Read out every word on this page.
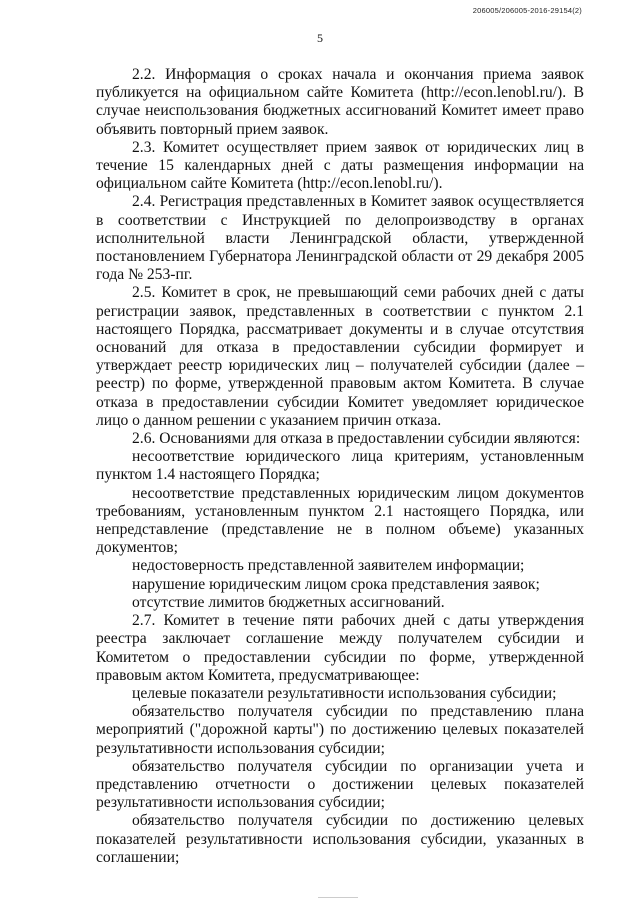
206005/206005-2016-29154(2)
5

2.2. Информация о сроках начала и окончания приема заявок публикуется на официальном сайте Комитета (http://econ.lenobl.ru/). В случае неиспользования бюджетных ассигнований Комитет имеет право объявить повторный прием заявок.

2.3. Комитет осуществляет прием заявок от юридических лиц в течение 15 календарных дней с даты размещения информации на официальном сайте Комитета (http://econ.lenobl.ru/).

2.4. Регистрация представленных в Комитет заявок осуществляется в соответствии с Инструкцией по делопроизводству в органах исполнительной власти Ленинградской области, утвержденной постановлением Губернатора Ленинградской области от 29 декабря 2005 года № 253-пг.

2.5. Комитет в срок, не превышающий семи рабочих дней с даты регистрации заявок, представленных в соответствии с пунктом 2.1 настоящего Порядка, рассматривает документы и в случае отсутствия оснований для отказа в предоставлении субсидии формирует и утверждает реестр юридических лиц – получателей субсидии (далее – реестр) по форме, утвержденной правовым актом Комитета. В случае отказа в предоставлении субсидии Комитет уведомляет юридическое лицо о данном решении с указанием причин отказа.

2.6. Основаниями для отказа в предоставлении субсидии являются:

несоответствие юридического лица критериям, установленным пунктом 1.4 настоящего Порядка;

несоответствие представленных юридическим лицом документов требованиям, установленным пунктом 2.1 настоящего Порядка, или непредставление (представление не в полном объеме) указанных документов;

недостоверность представленной заявителем информации;

нарушение юридическим лицом срока представления заявок;

отсутствие лимитов бюджетных ассигнований.

2.7. Комитет в течение пяти рабочих дней с даты утверждения реестра заключает соглашение между получателем субсидии и Комитетом о предоставлении субсидии по форме, утвержденной правовым актом Комитета, предусматривающее:

целевые показатели результативности использования субсидии;

обязательство получателя субсидии по представлению плана мероприятий ("дорожной карты") по достижению целевых показателей результативности использования субсидии;

обязательство получателя субсидии по организации учета и представлению отчетности о достижении целевых показателей результативности использования субсидии;

обязательство получателя субсидии по достижению целевых показателей результативности использования субсидии, указанных в соглашении;
